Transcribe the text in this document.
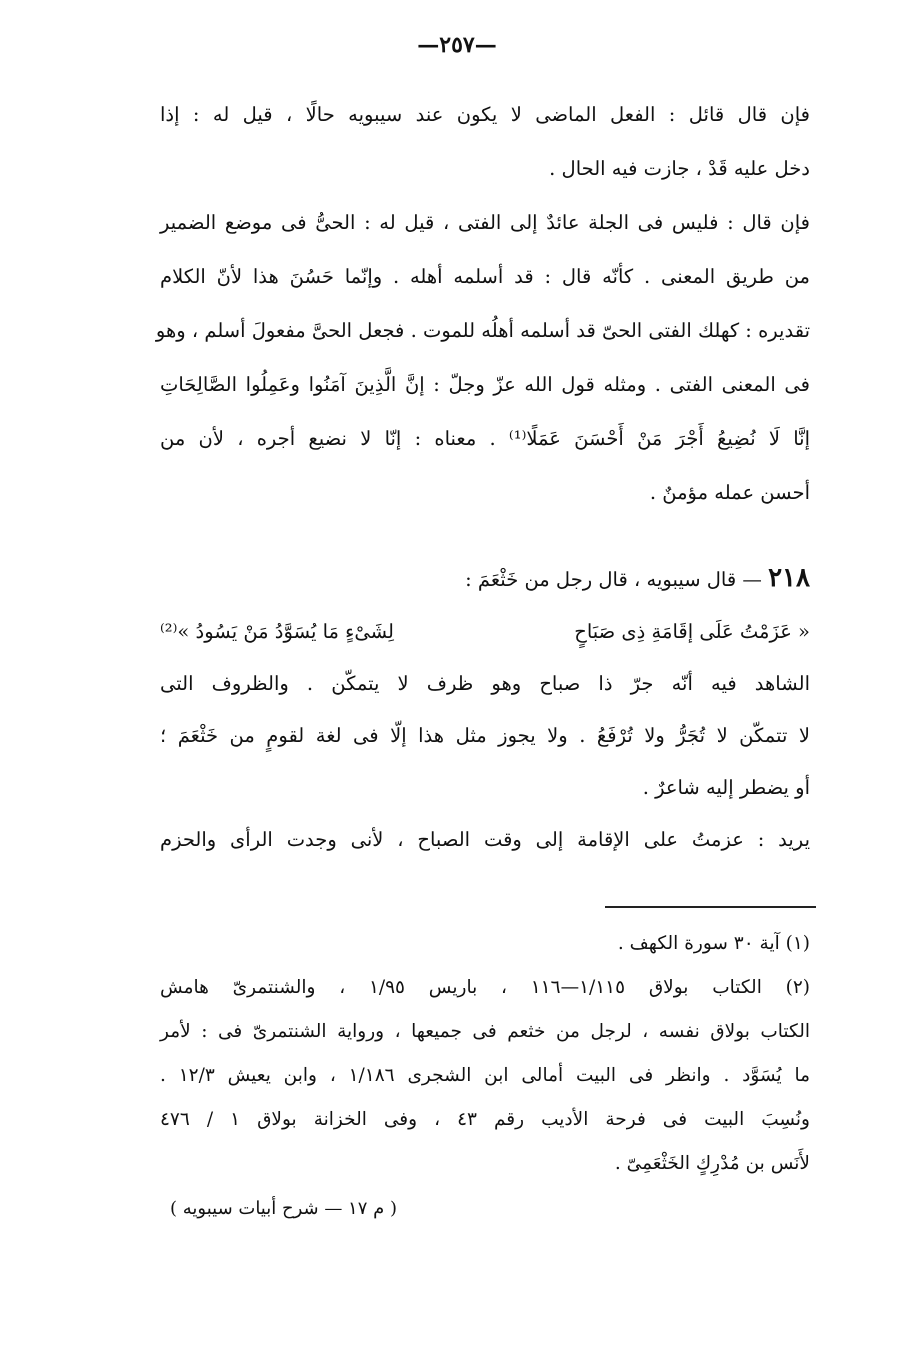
—٢٥٧—
فإن قال قائل : الفعل الماضى لا يكون عند سيبويه حالًا ، قيل له : إذا
دخل عليه قَدْ ، جازت فيه الحال .
فإن قال : فليس فى الجلة عائدٌ إلى الفتى ، قيل له : الحىُّ فى موضع الضمير
من طريق المعنى . كأنّه قال : قد أسلمه أهله . وإنّما حَسُنَ هذا لأنّ الكلام
تقديره : كهلك الفتى الحىّ قد أسلمه أهلُه للموت . فجعل الحىَّ مفعولَ أسلم ، وهو
فى المعنى الفتى . ومثله قول الله عزّ وجلّ : إنَّ الَّذِينَ آمَنُوا وعَمِلُوا الصَّالِحَاتِ
إنَّا لَا نُضِيعُ أَجْرَ مَنْ أَحْسَنَ عَمَلًا⁽¹⁾ . معناه : إنّا لا نضيع أجره ، لأن من
أحسن عمله مؤمنٌ .
٢١٨ — قال سيبويه ، قال رجل من خَثْعَمَ :
« عَزَمْتُ عَلَى إقَامَةِ ذِى صَبَاحٍ
لِشَىْءٍ مَا يُسَوَّدُ مَنْ يَسُودُ »⁽²⁾
الشاهد فيه أنّه جرّ ذا صباح وهو ظرف لا يتمكّن . والظروف التى
لا تتمكّن لا تُجَرُّ ولا تُرْفَعُ . ولا يجوز مثل هذا إلّا فى لغة لقومٍ من خَثْعَمَ ؛
أو يضطر إليه شاعرٌ .
يريد : عزمتُ على الإقامة إلى وقت الصباح ، لأنى وجدت الرأى والحزم
(١) آية ٣٠ سورة الكهف .
(٢) الكتاب بولاق ١/١١٥—١١٦ ، باريس ١/٩٥ ، والشنتمرىّ هامش
الكتاب بولاق نفسه ، لرجل من خثعم فى جميعها ، ورواية الشنتمرىّ فى : لأمر
ما يُسَوَّد . وانظر فى البيت أمالى ابن الشجرى ١/١٨٦ ، وابن يعيش ١٢/٣ .
ونُسِبَ البيت فى فرحة الأديب رقم ٤٣ ، وفى الخزانة بولاق ١ / ٤٧٦
لأَنَس بن مُدْرِكٍ الخَثْعَمِىّ .
( م ١٧ — شرح أبيات سيبويه )
